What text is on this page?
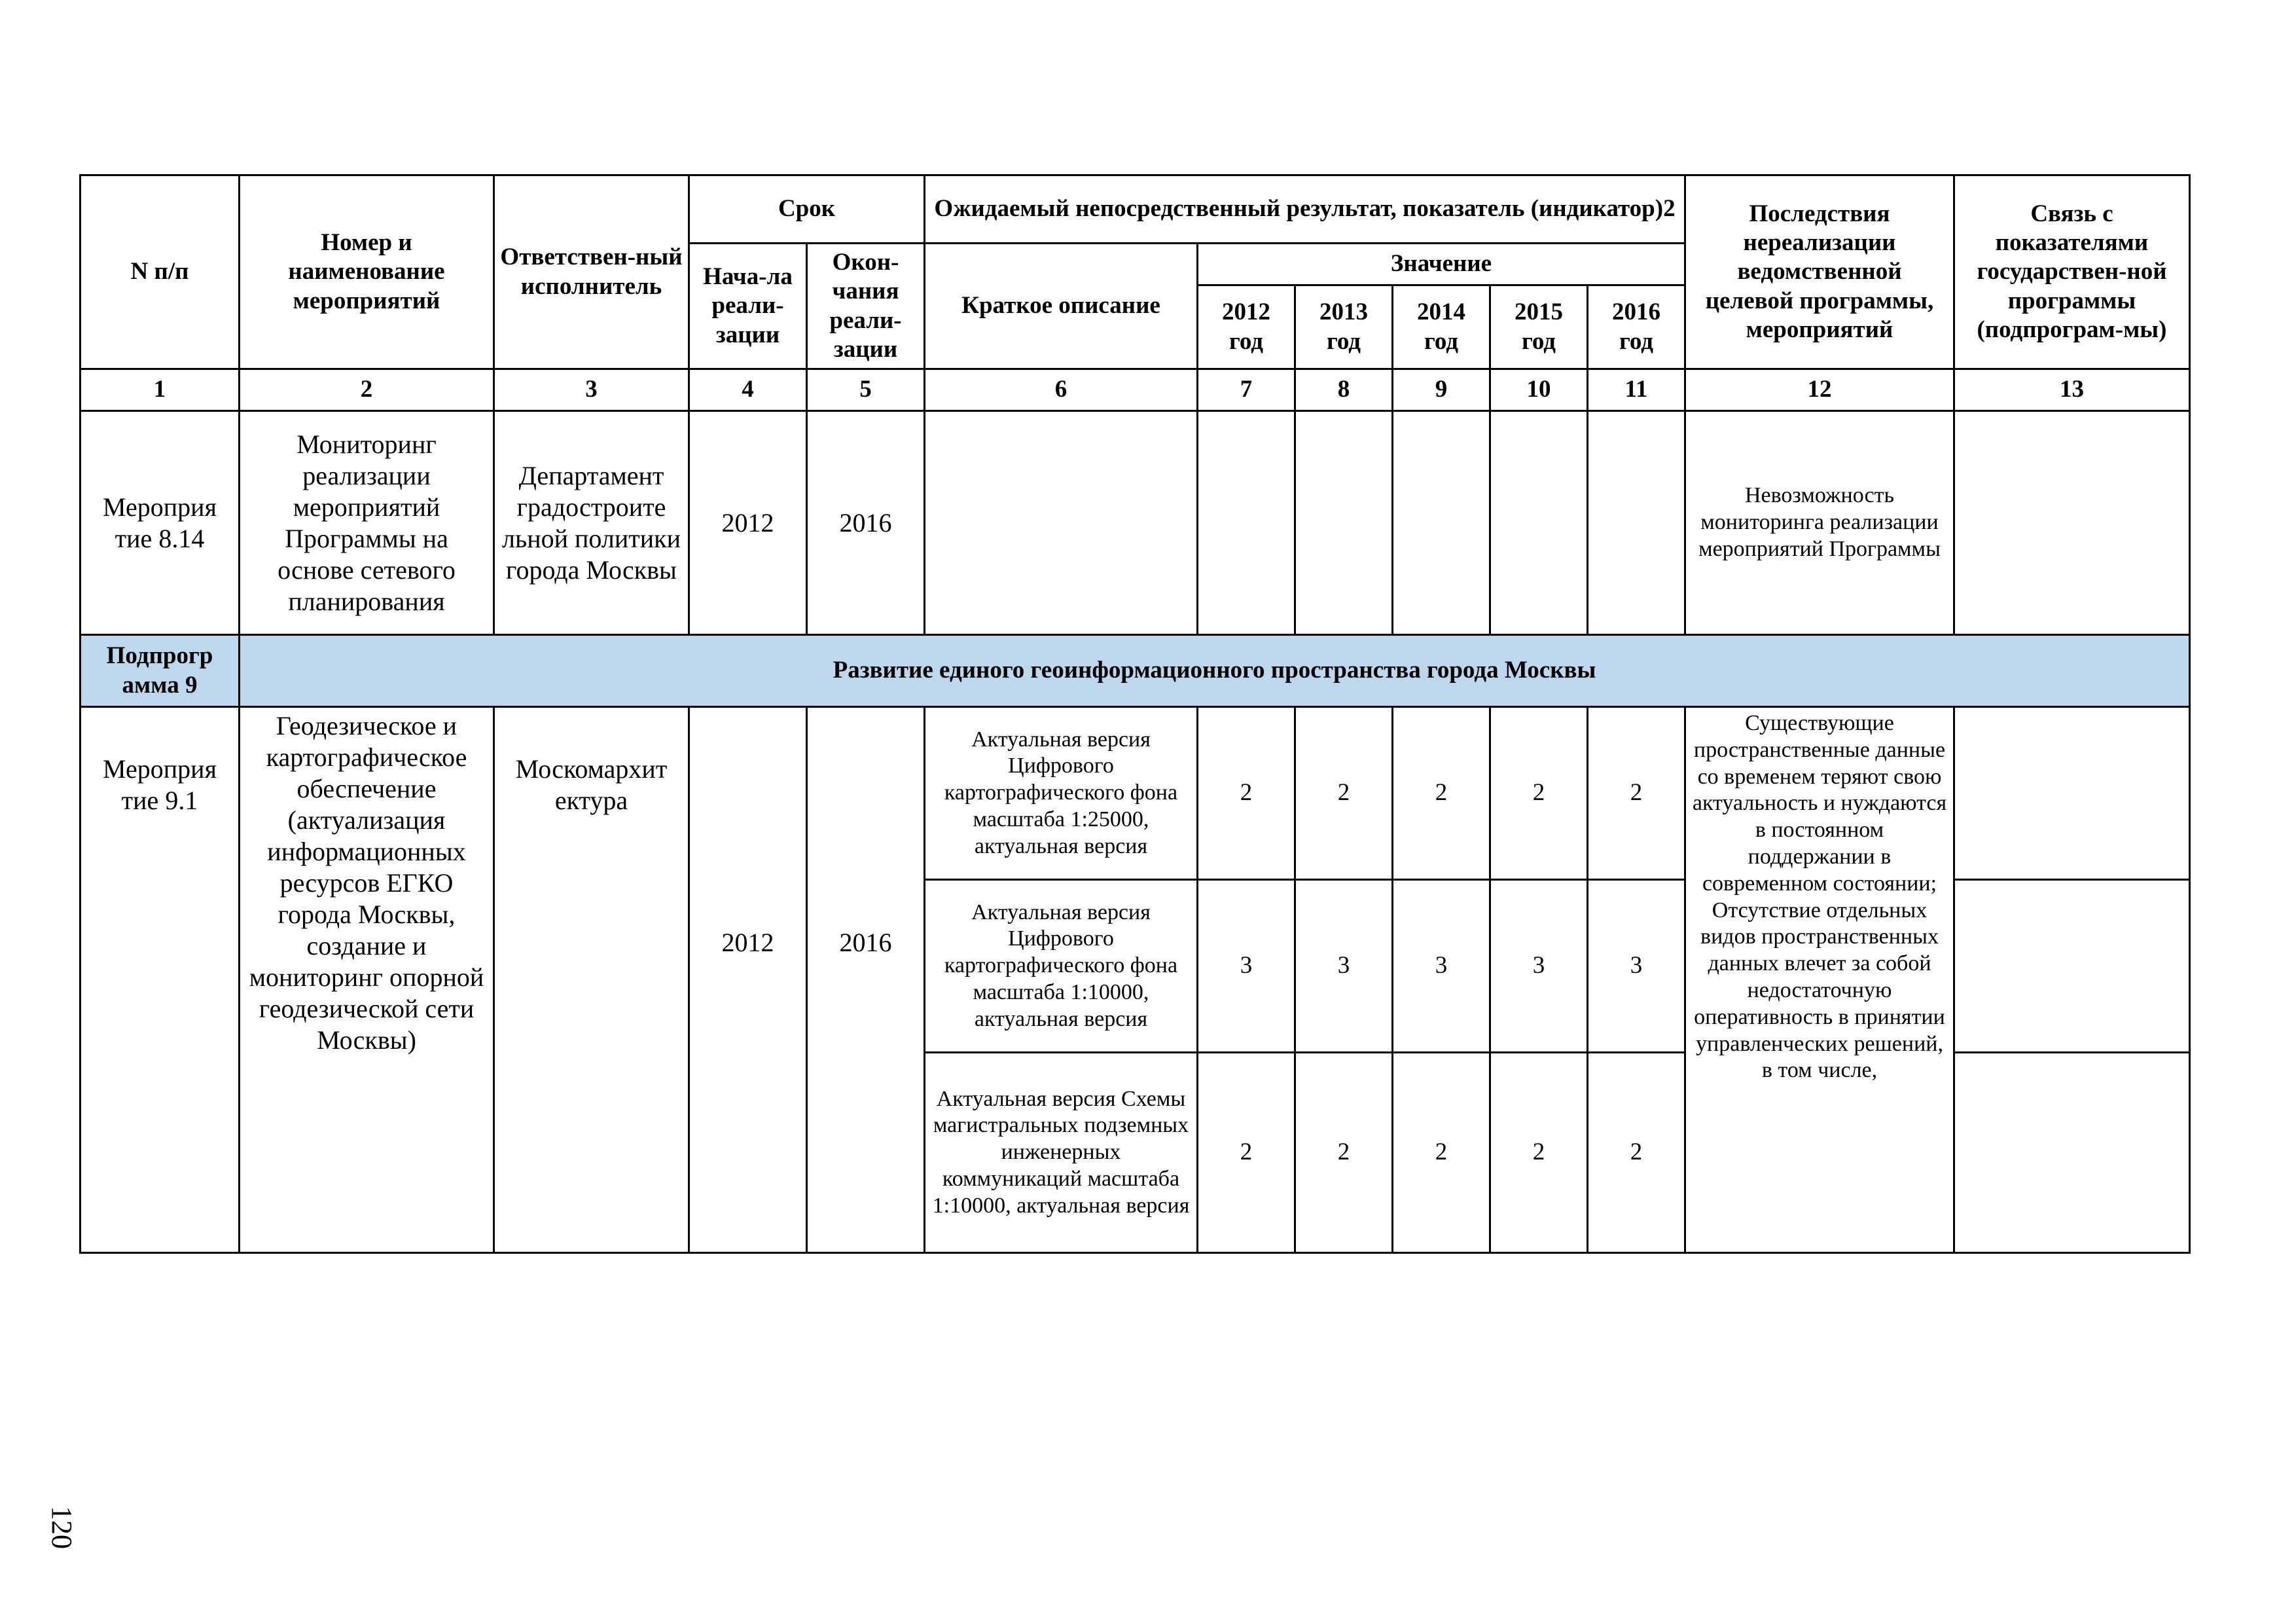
N п/п	Номер и наименование мероприятий	Ответствен-ный исполнитель	Срок		Ожидаемый непосредственный результат, показатель (индикатор)2						Последствия нереализации ведомственной целевой программы, мероприятий	Связь с показателями государствен-ной программы (подпрограм-мы)
			Нача-ла реали-зации	Окон-чания реали-зации	Краткое описание	Значение						
						2012 год	2013 год	2014 год	2015 год	2016 год		
1	2	3	4	5	6	7	8	9	10	11	12	13
Мероприя тие 8.14	Мониторинг реализации мероприятий Программы на основе сетевого планирования	Департамент градостроите льной политики города Москвы	2012	2016							Невозможность мониторинга реализации мероприятий Программы	
Подпрогр амма 9	Развитие единого геоинформационного пространства города Москвы											
Мероприя тие 9.1	Геодезическое и картографическое обеспечение (актуализация информационных ресурсов ЕГКО города Москвы, создание и мониторинг опорной геодезической сети Москвы)	Москомархит ектура	2012	2016	Актуальная версия Цифрового картографического фона масштаба 1:25000, актуальная версия	2	2	2	2	2	Существующие пространственные данные со временем теряют свою актуальность и нуждаются в постоянном поддержании в современном состоянии; Отсутствие отдельных видов пространственных данных влечет за собой недостаточную оперативность в принятии управленческих решений, в том числе,	
					Актуальная версия Цифрового картографического фона масштаба 1:10000, актуальная версия	3	3	3	3	3		
					Актуальная версия Схемы магистральных подземных инженерных коммуникаций масштаба 1:10000, актуальная версия	2	2	2	2	2		
120
